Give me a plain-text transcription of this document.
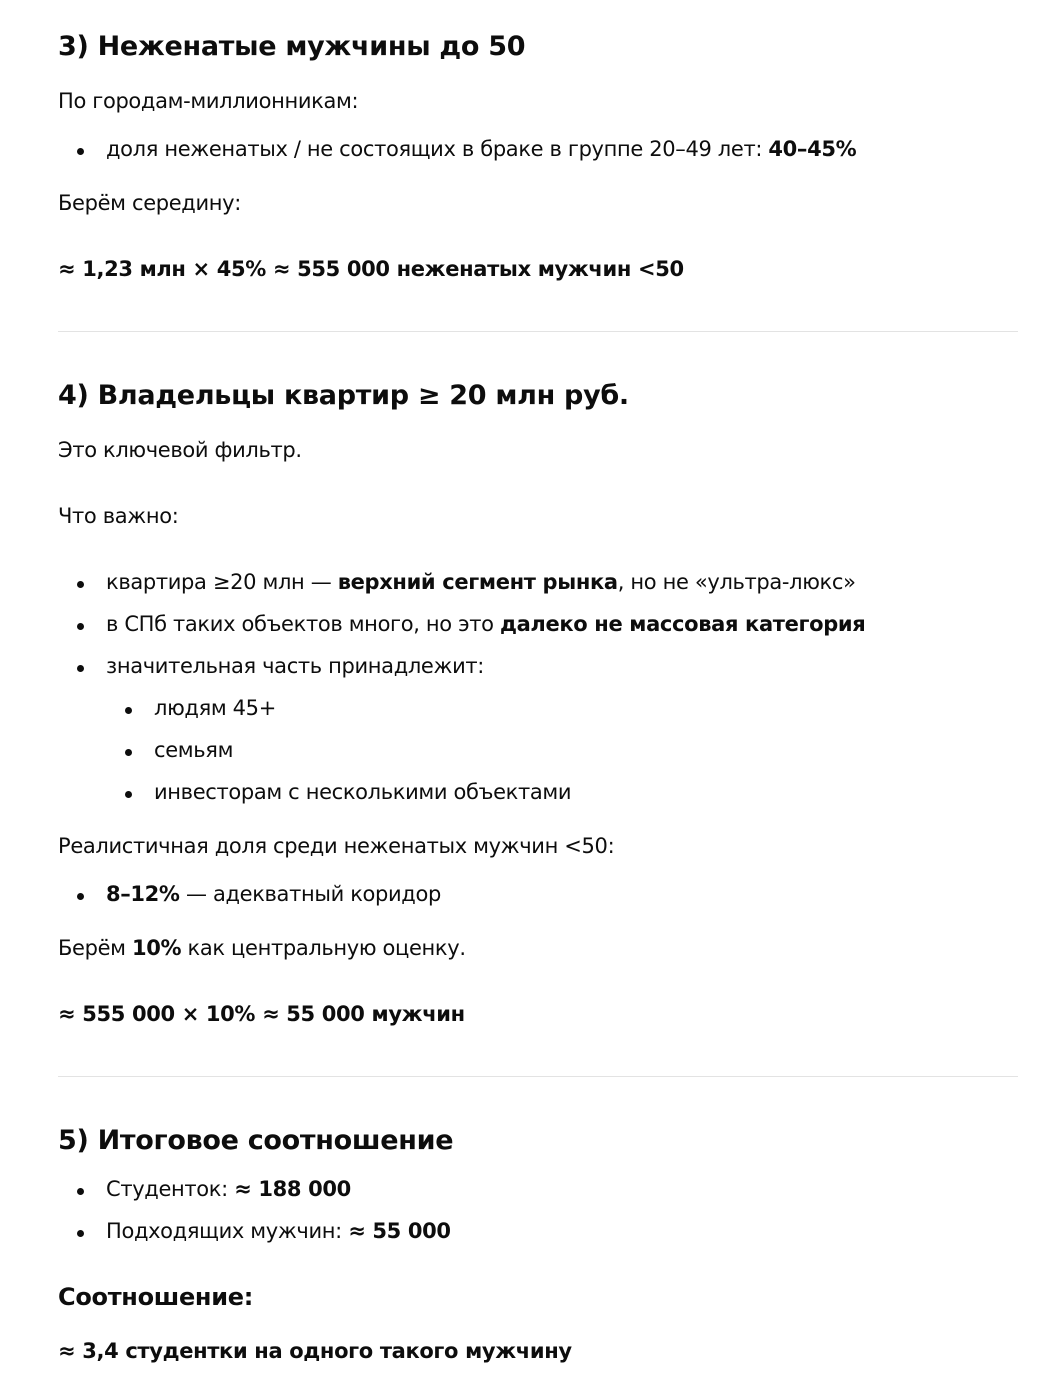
3) Неженатые мужчины до 50
По городам-миллионникам:
доля неженатых / не состоящих в браке в группе 20–49 лет: 40–45%
Берём середину:
≈ 1,23 млн × 45% ≈ 555 000 неженатых мужчин <50
4) Владельцы квартир ≥ 20 млн руб.
Это ключевой фильтр.
Что важно:
квартира ≥20 млн — верхний сегмент рынка, но не «ультра-люкс»
в СПб таких объектов много, но это далеко не массовая категория
значительная часть принадлежит:
людям 45+
семьям
инвесторам с несколькими объектами
Реалистичная доля среди неженатых мужчин <50:
8–12% — адекватный коридор
Берём 10% как центральную оценку.
≈ 555 000 × 10% ≈ 55 000 мужчин
5) Итоговое соотношение
Студенток: ≈ 188 000
Подходящих мужчин: ≈ 55 000
Соотношение:
≈ 3,4 студентки на одного такого мужчину
